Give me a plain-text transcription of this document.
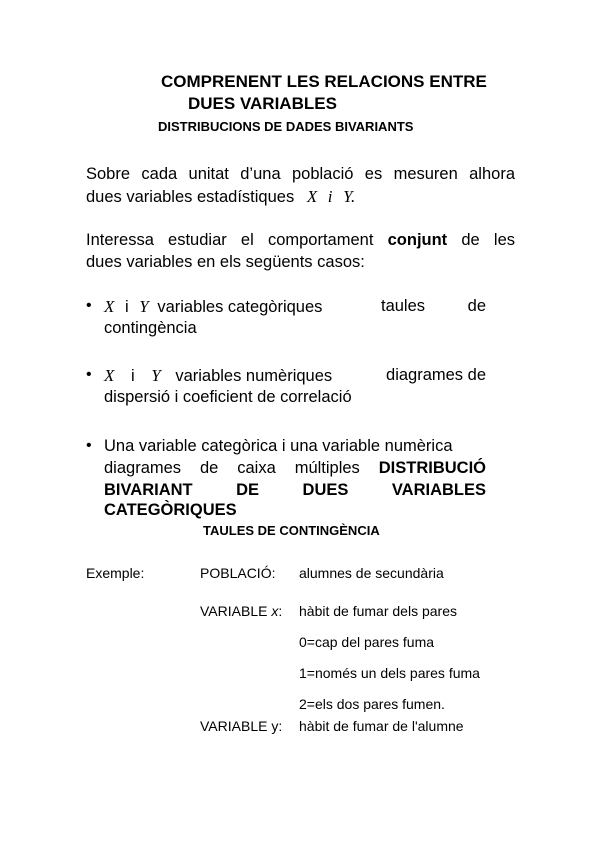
COMPRENENT LES RELACIONS ENTRE
DUES VARIABLES
DISTRIBUCIONS DE DADES BIVARIANTS
Sobre cada unitat d’una població es mesuren alhora
dues variables estadístiques X i Y.
Interessa estudiar el comportament conjunt de les
dues variables en els següents casos:
• X i Y variables categòriques	taules	de
contingència
• X i Y variables numèriques	diagrames de
dispersió i coeficient de correlació
• Una variable categòrica i una variable numèrica
diagrames de caixa múltiples DISTRIBUCIÓ
BIVARIANT DE DUES VARIABLES
CATEGÒRIQUES
TAULES DE CONTINGÈNCIA
Exemple:	POBLACIÓ: alumnes de secundària
VARIABLE x: hàbit de fumar dels pares
0=cap del pares fuma
1=només un dels pares fuma
2=els dos pares fumen.
VARIABLE y: hàbit de fumar de l'alumne
